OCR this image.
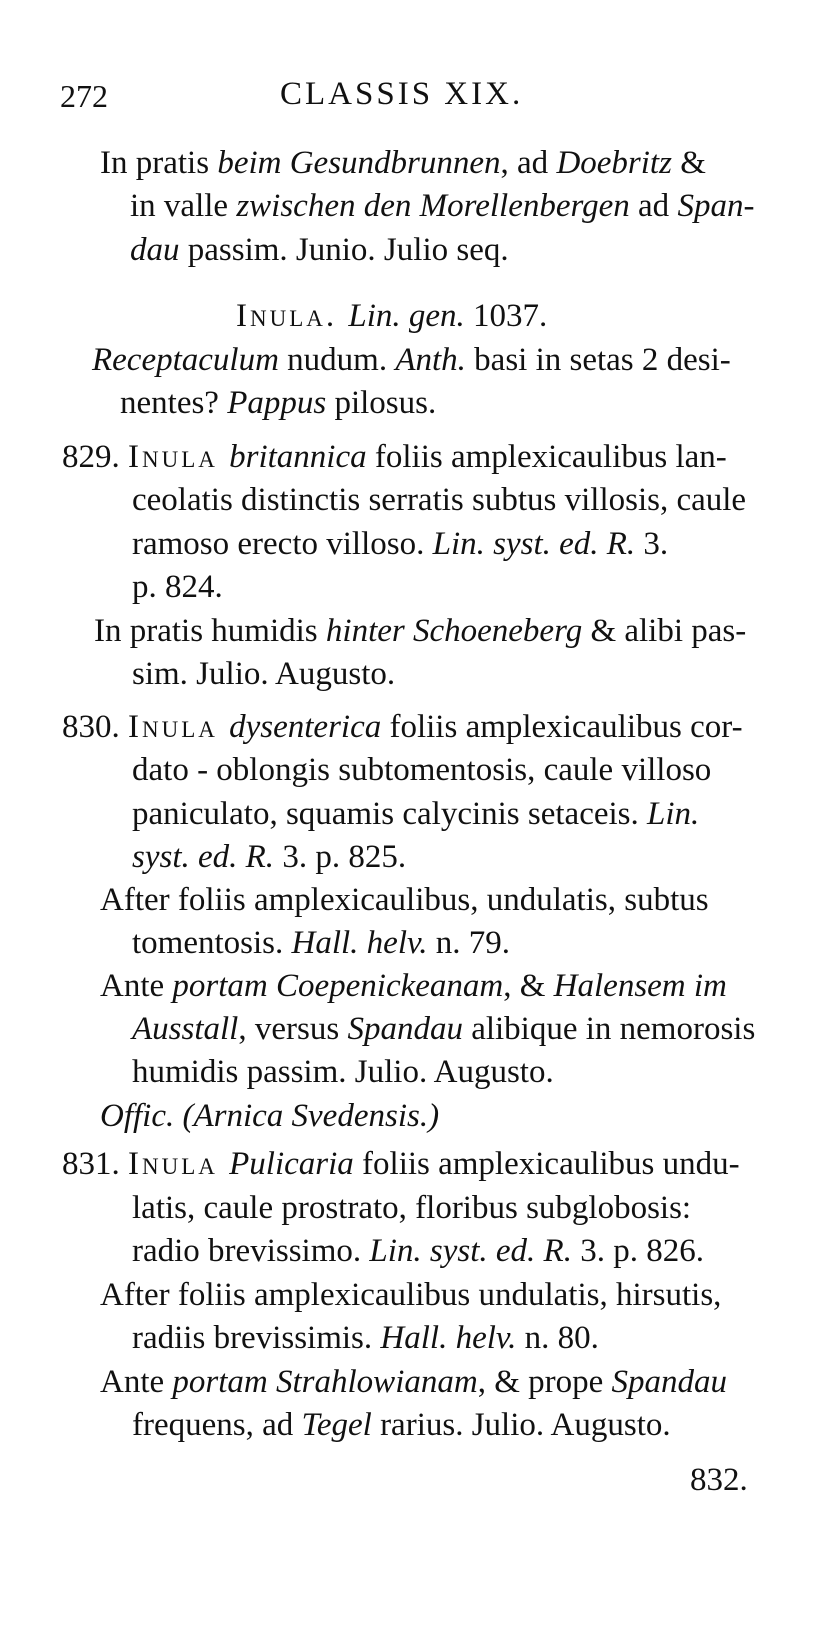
272	CLASSIS XIX.
In pratis beim Gesundbrunnen, ad Doebritz &
in valle zwischen den Morellenbergen ad Span-
dau passim. Junio. Julio seq.
Inula. Lin. gen. 1037.
Receptaculum nudum. Anth. basi in setas 2 desi-
nentes? Pappus pilosus.
829. Inula britannica foliis amplexicaulibus lan-
ceolatis distinctis serratis subtus villosis, caule
ramoso erecto villoso. Lin. syst. ed. R. 3.
p. 824.
In pratis humidis hinter Schoeneberg & alibi pas-
sim. Julio. Augusto.
830. Inula dysenterica foliis amplexicaulibus cor-
dato - oblongis subtomentosis, caule villoso
paniculato, squamis calycinis setaceis. Lin.
syst. ed. R. 3. p. 825.
After foliis amplexicaulibus, undulatis, subtus
tomentosis. Hall. helv. n. 79.
Ante portam Coepenickeanam, & Halensem im
Ausstall, versus Spandau alibique in nemorosis
humidis passim. Julio. Augusto.
Offic. (Arnica Svedensis.)
831. Inula Pulicaria foliis amplexicaulibus undu-
latis, caule prostrato, floribus subglobosis:
radio brevissimo. Lin. syst. ed. R. 3. p. 826.
After foliis amplexicaulibus undulatis, hirsutis,
radiis brevissimis. Hall. helv. n. 80.
Ante portam Strahlowianam, & prope Spandau
frequens, ad Tegel rarius. Julio. Augusto.
832.
